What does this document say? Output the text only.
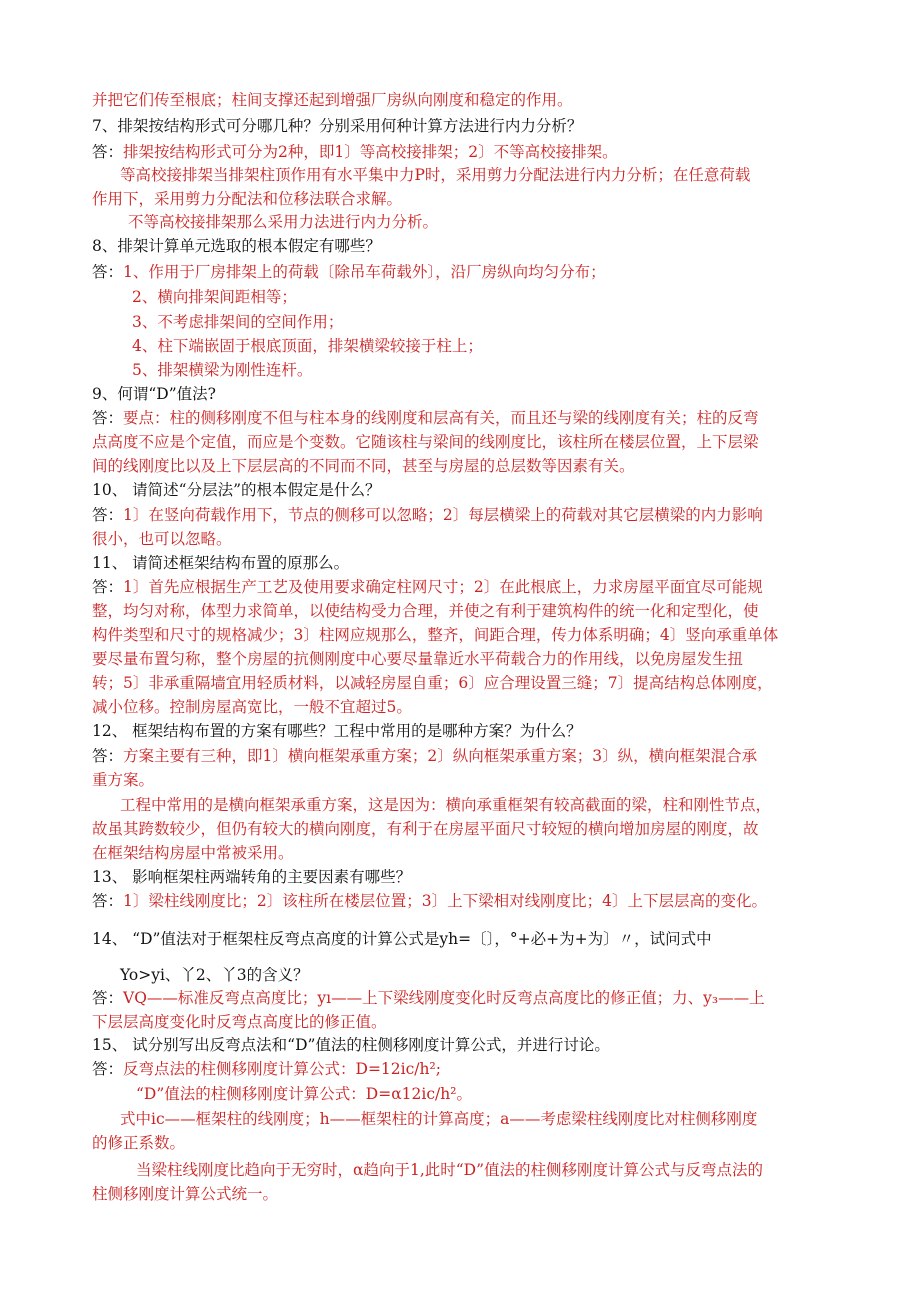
并把它们传至根底；柱间支撑还起到增强厂房纵向刚度和稳定的作用。
7、排架按结构形式可分哪几种？分别采用何种计算方法进行内力分析？
答：排架按结构形式可分为2种，即1〕等高校接排架；2〕不等高校接排架。
等高校接排架当排架柱顶作用有水平集中力P时，采用剪力分配法进行内力分析；在任意荷载
作用下，采用剪力分配法和位移法联合求解。
不等高校接排架那么采用力法进行内力分析。
8、排架计算单元选取的根本假定有哪些？
答：1、作用于厂房排架上的荷载〔除吊车荷载外〕，沿厂房纵向均匀分布；
2、横向排架间距相等；
3、不考虑排架间的空间作用；
4、柱下端嵌固于根底顶面，排架横梁较接于柱上；
5、排架横梁为刚性连杆。
9、何谓“D”值法?
答：要点：柱的侧移刚度不但与柱本身的线刚度和层高有关，而且还与梁的线刚度有关；柱的反弯
点高度不应是个定值，而应是个变数。它随该柱与梁间的线刚度比，该柱所在楼层位置，上下层梁
间的线刚度比以及上下层层高的不同而不同，甚至与房屋的总层数等因素有关。
10、 请简述“分层法”的根本假定是什么？
答：1〕在竖向荷载作用下，节点的侧移可以忽略；2〕每层横梁上的荷载对其它层横梁的内力影响
很小，也可以忽略。
11、 请简述框架结构布置的原那么。
答：1〕首先应根据生产工艺及使用要求确定柱网尺寸；2〕在此根底上，力求房屋平面宜尽可能规
整，均匀对称，体型力求简单，以使结构受力合理，并使之有利于建筑构件的统一化和定型化，使
构件类型和尺寸的规格减少；3〕柱网应规那么，整齐，间距合理，传力体系明确；4〕竖向承重单体
要尽量布置匀称，整个房屋的抗侧刚度中心要尽量靠近水平荷载合力的作用线，以免房屋发生扭
转；5〕非承重隔墙宜用轻质材料，以减轻房屋自重；6〕应合理设置三缝；7〕提高结构总体刚度，
减小位移。控制房屋高宽比，一般不宜超过5。
12、 框架结构布置的方案有哪些？工程中常用的是哪种方案？为什么？
答：方案主要有三种，即1〕横向框架承重方案；2〕纵向框架承重方案；3〕纵，横向框架混合承
重方案。
工程中常用的是横向框架承重方案，这是因为：横向承重框架有较高截面的梁，柱和刚性节点，
故虽其跨数较少，但仍有较大的横向刚度，有利于在房屋平面尺寸较短的横向增加房屋的刚度，故
在框架结构房屋中常被采用。
13、 影响框架柱两端转角的主要因素有哪些？
答：1〕梁柱线刚度比；2〕该柱所在楼层位置；3〕上下梁相对线刚度比；4〕上下层层高的变化。
14、 “D”值法对于框架柱反弯点高度的计算公式是yh=〔〕，°+必+为+为〕〃，试问式中
Yo>yi、丫2、丫3的含义？
答：VQ——标准反弯点高度比；yı——上下梁线刚度变化时反弯点高度比的修正值；力、y₃——上
下层层高度变化时反弯点高度比的修正值。
15、 试分别写出反弯点法和“D”值法的柱侧移刚度计算公式，并进行讨论。
答：反弯点法的柱侧移刚度计算公式：D=12ic/h²;
“D”值法的柱侧移刚度计算公式：D=α12ic/h²。
式中ic——框架柱的线刚度；h——框架柱的计算高度；a——考虑梁柱线刚度比对柱侧移刚度
的修正系数。
当梁柱线刚度比趋向于无穷时，α趋向于1,此时“D”值法的柱侧移刚度计算公式与反弯点法的
柱侧移刚度计算公式统一。
